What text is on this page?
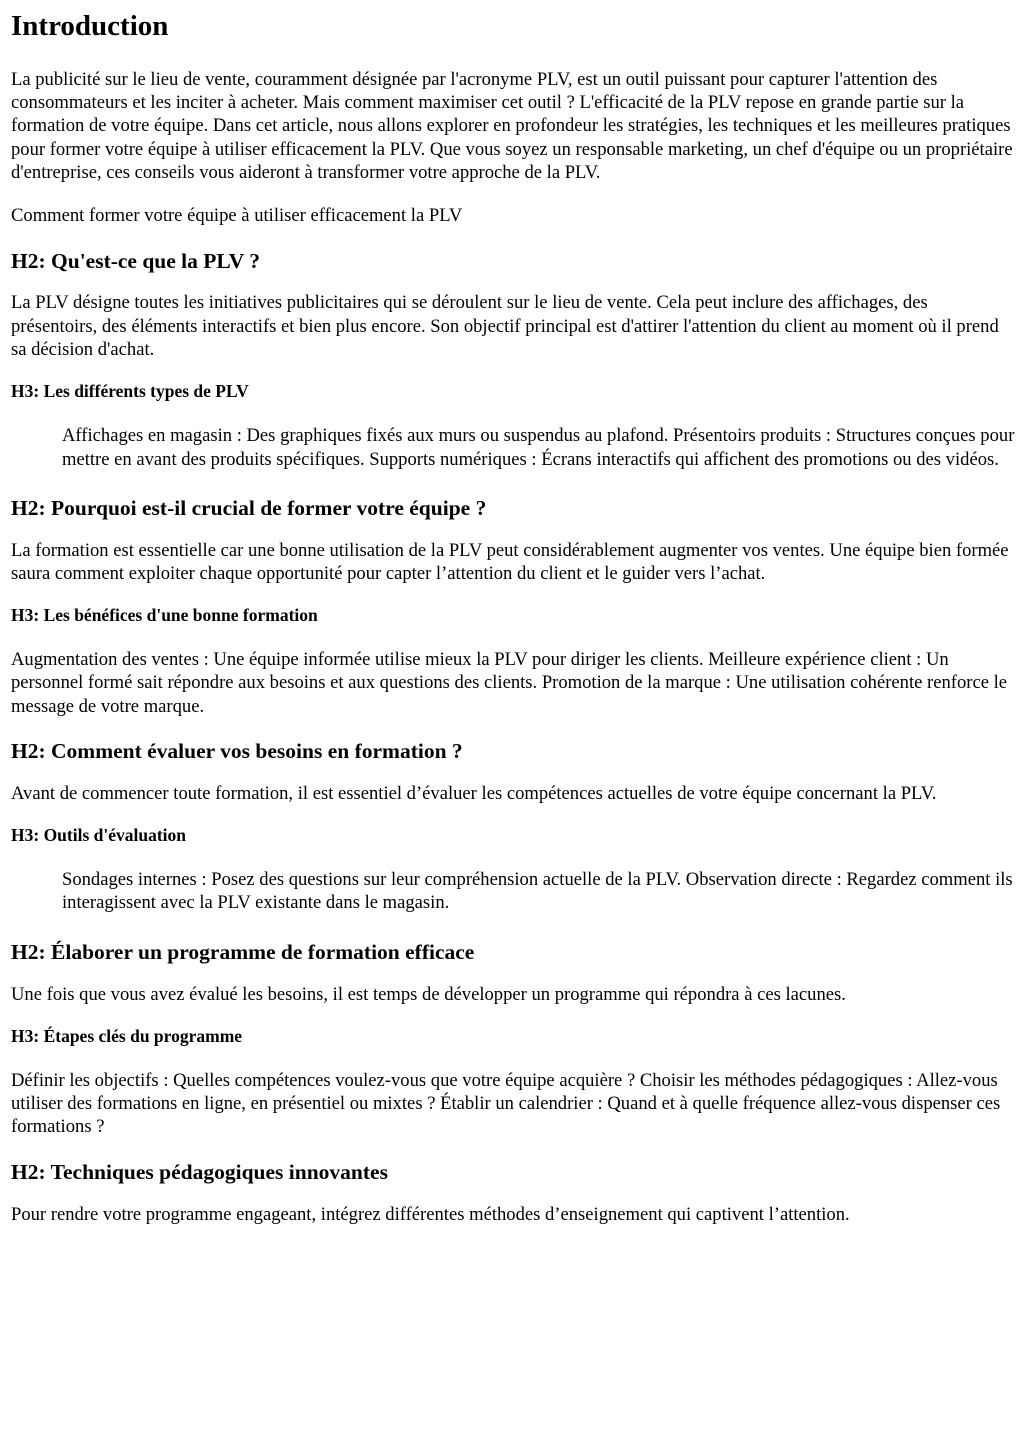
Introduction

La publicité sur le lieu de vente, couramment désignée par l'acronyme PLV, est un outil puissant pour capturer l'attention des consommateurs et les inciter à acheter. Mais comment maximiser cet outil ? L'efficacité de la PLV repose en grande partie sur la formation de votre équipe. Dans cet article, nous allons explorer en profondeur les stratégies, les techniques et les meilleures pratiques pour former votre équipe à utiliser efficacement la PLV. Que vous soyez un responsable marketing, un chef d'équipe ou un propriétaire d'entreprise, ces conseils vous aideront à transformer votre approche de la PLV.

Comment former votre équipe à utiliser efficacement la PLV

H2: Qu'est-ce que la PLV ?

La PLV désigne toutes les initiatives publicitaires qui se déroulent sur le lieu de vente. Cela peut inclure des affichages, des présentoirs, des éléments interactifs et bien plus encore. Son objectif principal est d'attirer l'attention du client au moment où il prend sa décision d'achat.

H3: Les différents types de PLV
Affichages en magasin : Des graphiques fixés aux murs ou suspendus au plafond. Présentoirs produits : Structures conçues pour mettre en avant des produits spécifiques. Supports numériques : Écrans interactifs qui affichent des promotions ou des vidéos.
H2: Pourquoi est-il crucial de former votre équipe ?

La formation est essentielle car une bonne utilisation de la PLV peut considérablement augmenter vos ventes. Une équipe bien formée saura comment exploiter chaque opportunité pour capter l’attention du client et le guider vers l’achat.

H3: Les bénéfices d'une bonne formation

Augmentation des ventes : Une équipe informée utilise mieux la PLV pour diriger les clients. Meilleure expérience client : Un personnel formé sait répondre aux besoins et aux questions des clients. Promotion de la marque : Une utilisation cohérente renforce le message de votre marque.

H2: Comment évaluer vos besoins en formation ?

Avant de commencer toute formation, il est essentiel d’évaluer les compétences actuelles de votre équipe concernant la PLV.

H3: Outils d'évaluation
Sondages internes : Posez des questions sur leur compréhension actuelle de la PLV. Observation directe : Regardez comment ils interagissent avec la PLV existante dans le magasin.
H2: Élaborer un programme de formation efficace

Une fois que vous avez évalué les besoins, il est temps de développer un programme qui répondra à ces lacunes.

H3: Étapes clés du programme

Définir les objectifs : Quelles compétences voulez-vous que votre équipe acquière ? Choisir les méthodes pédagogiques : Allez-vous utiliser des formations en ligne, en présentiel ou mixtes ? Établir un calendrier : Quand et à quelle fréquence allez-vous dispenser ces formations ?

H2: Techniques pédagogiques innovantes

Pour rendre votre programme engageant, intégrez différentes méthodes d’enseignement qui captivent l’attention.
